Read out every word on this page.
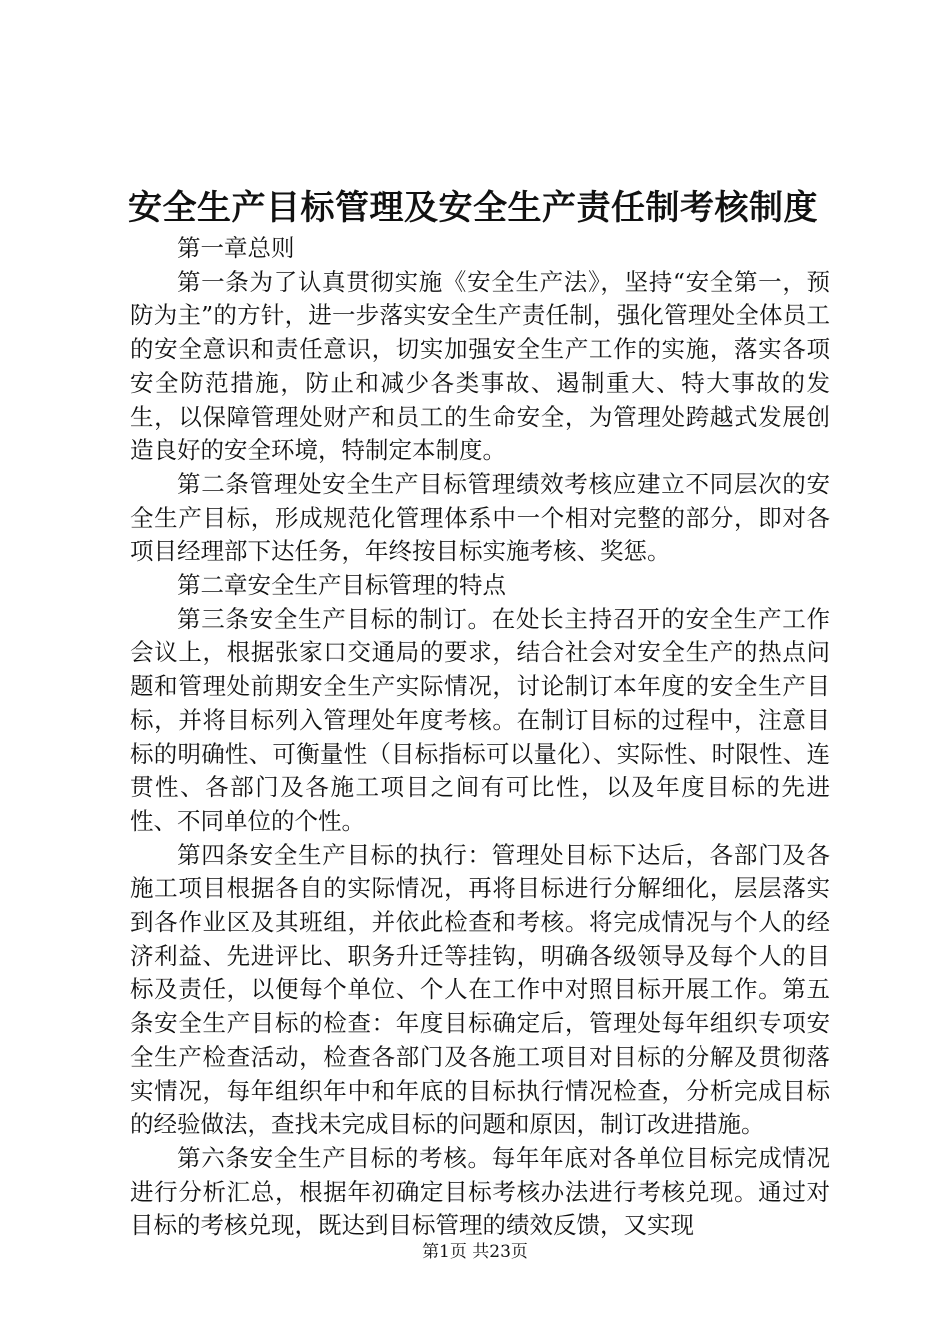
安全生产目标管理及安全生产责任制考核制度

第一章总则

第一条为了认真贯彻实施《安全生产法》，坚持“安全第一，预防为主”的方针，进一步落实安全生产责任制，强化管理处全体员工的安全意识和责任意识，切实加强安全生产工作的实施，落实各项安全防范措施，防止和减少各类事故、遏制重大、特大事故的发生，以保障管理处财产和员工的生命安全，为管理处跨越式发展创造良好的安全环境，特制定本制度。

第二条管理处安全生产目标管理绩效考核应建立不同层次的安全生产目标，形成规范化管理体系中一个相对完整的部分，即对各项目经理部下达任务，年终按目标实施考核、奖惩。

第二章安全生产目标管理的特点

第三条安全生产目标的制订。在处长主持召开的安全生产工作会议上，根据张家口交通局的要求，结合社会对安全生产的热点问题和管理处前期安全生产实际情况，讨论制订本年度的安全生产目标，并将目标列入管理处年度考核。在制订目标的过程中，注意目标的明确性、可衡量性（目标指标可以量化）、实际性、时限性、连贯性、各部门及各施工项目之间有可比性，以及年度目标的先进性、不同单位的个性。

第四条安全生产目标的执行：管理处目标下达后，各部门及各施工项目根据各自的实际情况，再将目标进行分解细化，层层落实到各作业区及其班组，并依此检查和考核。将完成情况与个人的经济利益、先进评比、职务升迁等挂钩，明确各级领导及每个人的目标及责任，以便每个单位、个人在工作中对照目标开展工作。第五条安全生产目标的检查：年度目标确定后，管理处每年组织专项安全生产检查活动，检查各部门及各施工项目对目标的分解及贯彻落实情况，每年组织年中和年底的目标执行情况检查，分析完成目标的经验做法，查找未完成目标的问题和原因，制订改进措施。

第六条安全生产目标的考核。每年年底对各单位目标完成情况进行分析汇总，根据年初确定目标考核办法进行考核兑现。通过对目标的考核兑现，既达到目标管理的绩效反馈，又实现

第1页 共23页
